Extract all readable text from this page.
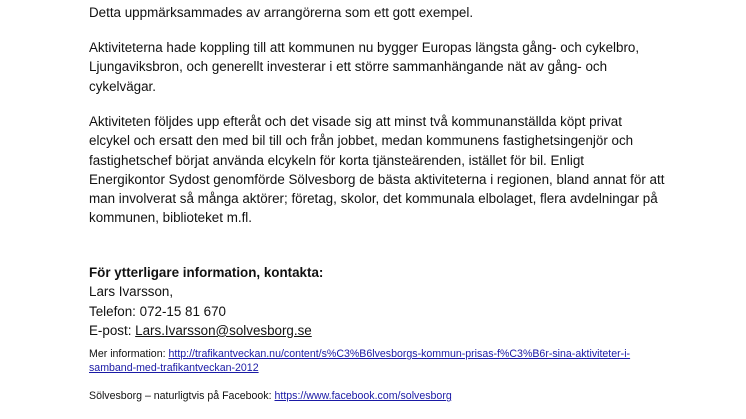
Detta uppmärksammades av arrangörerna som ett gott exempel.

Aktiviteterna hade koppling till att kommunen nu bygger Europas längsta gång- och cykelbro,
Ljungaviksbron, och generellt investerar i ett större sammanhängande nät av gång- och
cykelvägar.

Aktiviteten följdes upp efteråt och det visade sig att minst två kommunanställda köpt privat
elcykel och ersatt den med bil till och från jobbet, medan kommunens fastighetsingenjör och
fastighetschef börjat använda elcykeln för korta tjänsteärenden, istället för bil. Enligt
Energikontor Sydost genomförde Sölvesborg de bästa aktiviteterna i regionen, bland annat för att
man involverat så många aktörer; företag, skolor, det kommunala elbolaget, flera avdelningar på
kommunen, biblioteket m.fl.

För ytterligare information, kontakta:
Lars Ivarsson,
Telefon: 072-15 81 670
E-post: Lars.Ivarsson@solvesborg.se
Mer information: http://trafikantveckan.nu/content/s%C3%B6lvesborgs-kommun-prisas-f%C3%B6r-sina-aktiviteter-i-
samband-med-trafikantveckan-2012
Sölvesborg – naturligtvis på Facebook: https://www.facebook.com/solvesborg
